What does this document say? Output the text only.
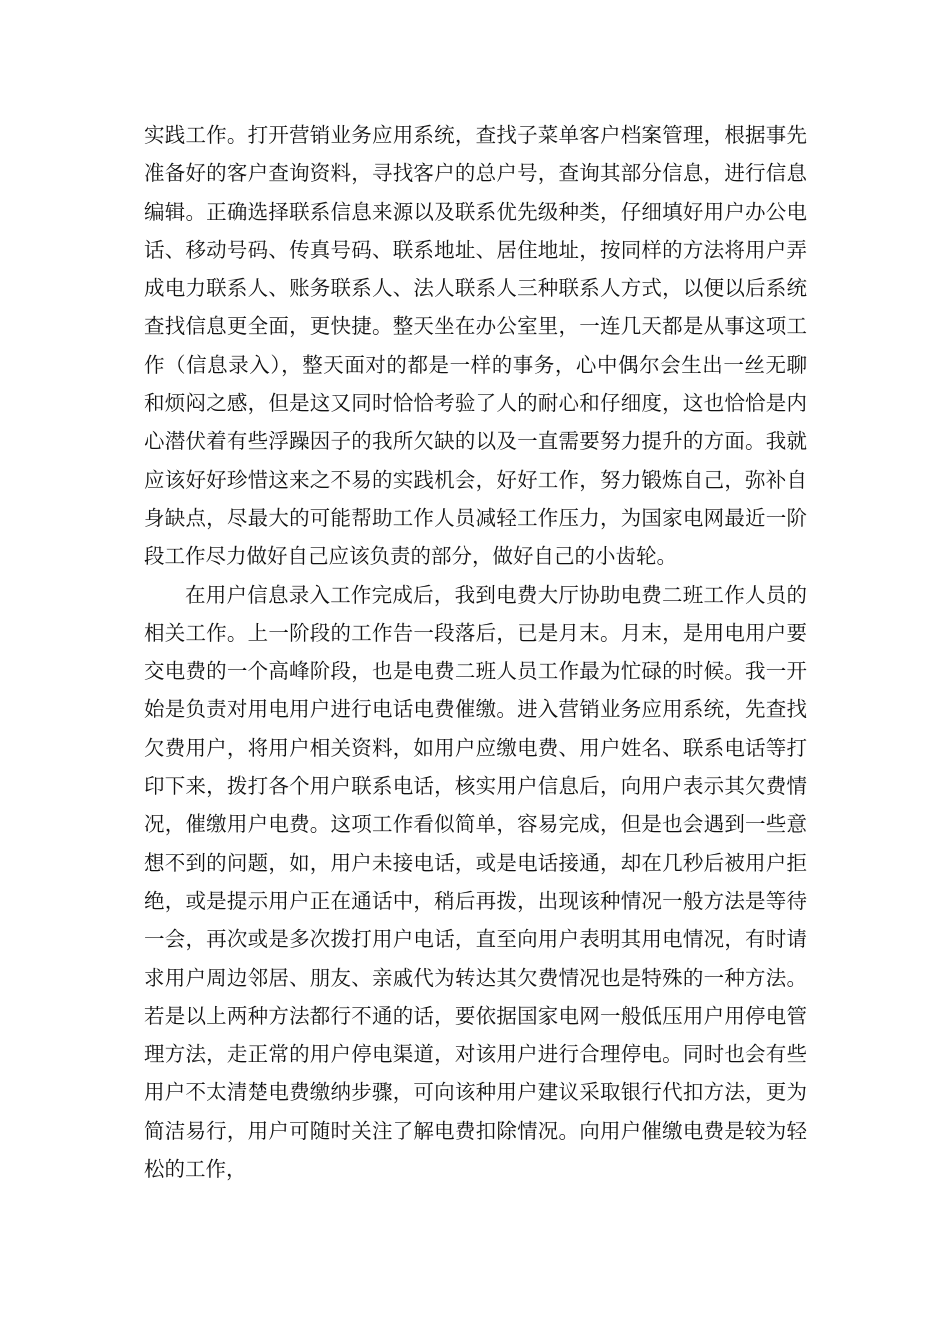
实践工作。打开营销业务应用系统，查找子菜单客户档案管理，根据事先准备好的客户查询资料，寻找客户的总户号，查询其部分信息，进行信息编辑。正确选择联系信息来源以及联系优先级种类，仔细填好用户办公电话、移动号码、传真号码、联系地址、居住地址，按同样的方法将用户弄成电力联系人、账务联系人、法人联系人三种联系人方式，以便以后系统查找信息更全面，更快捷。整天坐在办公室里，一连几天都是从事这项工作（信息录入），整天面对的都是一样的事务，心中偶尔会生出一丝无聊和烦闷之感，但是这又同时恰恰考验了人的耐心和仔细度，这也恰恰是内心潜伏着有些浮躁因子的我所欠缺的以及一直需要努力提升的方面。我就应该好好珍惜这来之不易的实践机会，好好工作，努力锻炼自己，弥补自身缺点，尽最大的可能帮助工作人员减轻工作压力，为国家电网最近一阶段工作尽力做好自己应该负责的部分，做好自己的小齿轮。

在用户信息录入工作完成后，我到电费大厅协助电费二班工作人员的相关工作。上一阶段的工作告一段落后，已是月末。月末，是用电用户要交电费的一个高峰阶段，也是电费二班人员工作最为忙碌的时候。我一开始是负责对用电用户进行电话电费催缴。进入营销业务应用系统，先查找欠费用户，将用户相关资料，如用户应缴电费、用户姓名、联系电话等打印下来，拨打各个用户联系电话，核实用户信息后，向用户表示其欠费情况，催缴用户电费。这项工作看似简单，容易完成，但是也会遇到一些意想不到的问题，如，用户未接电话，或是电话接通，却在几秒后被用户拒绝，或是提示用户正在通话中，稍后再拨，出现该种情况一般方法是等待一会，再次或是多次拨打用户电话，直至向用户表明其用电情况，有时请求用户周边邻居、朋友、亲戚代为转达其欠费情况也是特殊的一种方法。若是以上两种方法都行不通的话，要依据国家电网一般低压用户用停电管理方法，走正常的用户停电渠道，对该用户进行合理停电。同时也会有些用户不太清楚电费缴纳步骤，可向该种用户建议采取银行代扣方法，更为简洁易行，用户可随时关注了解电费扣除情况。向用户催缴电费是较为轻松的工作，
